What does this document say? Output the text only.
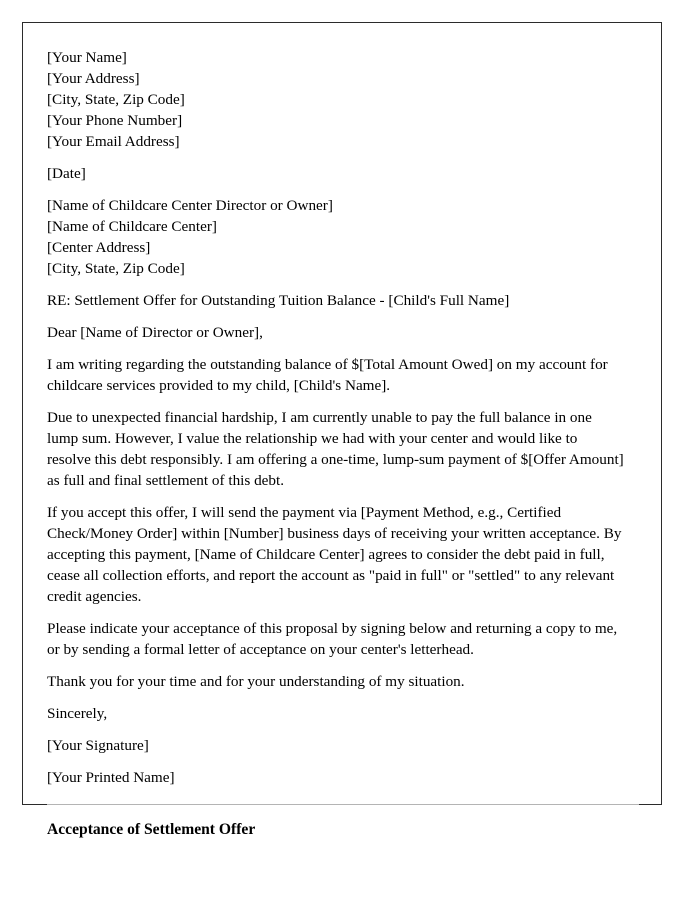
[Your Name]
[Your Address]
[City, State, Zip Code]
[Your Phone Number]
[Your Email Address]
[Date]
[Name of Childcare Center Director or Owner]
[Name of Childcare Center]
[Center Address]
[City, State, Zip Code]

RE: Settlement Offer for Outstanding Tuition Balance - [Child's Full Name]

Dear [Name of Director or Owner],

I am writing regarding the outstanding balance of $[Total Amount Owed] on my account for childcare services provided to my child, [Child's Name].

Due to unexpected financial hardship, I am currently unable to pay the full balance in one lump sum. However, I value the relationship we had with your center and would like to resolve this debt responsibly. I am offering a one-time, lump-sum payment of $[Offer Amount] as full and final settlement of this debt.

If you accept this offer, I will send the payment via [Payment Method, e.g., Certified Check/Money Order] within [Number] business days of receiving your written acceptance. By accepting this payment, [Name of Childcare Center] agrees to consider the debt paid in full, cease all collection efforts, and report the account as "paid in full" or "settled" to any relevant credit agencies.

Please indicate your acceptance of this proposal by signing below and returning a copy to me, or by sending a formal letter of acceptance on your center's letterhead.

Thank you for your time and for your understanding of my situation.

Sincerely,

[Your Signature]

[Your Printed Name]

Acceptance of Settlement Offer
